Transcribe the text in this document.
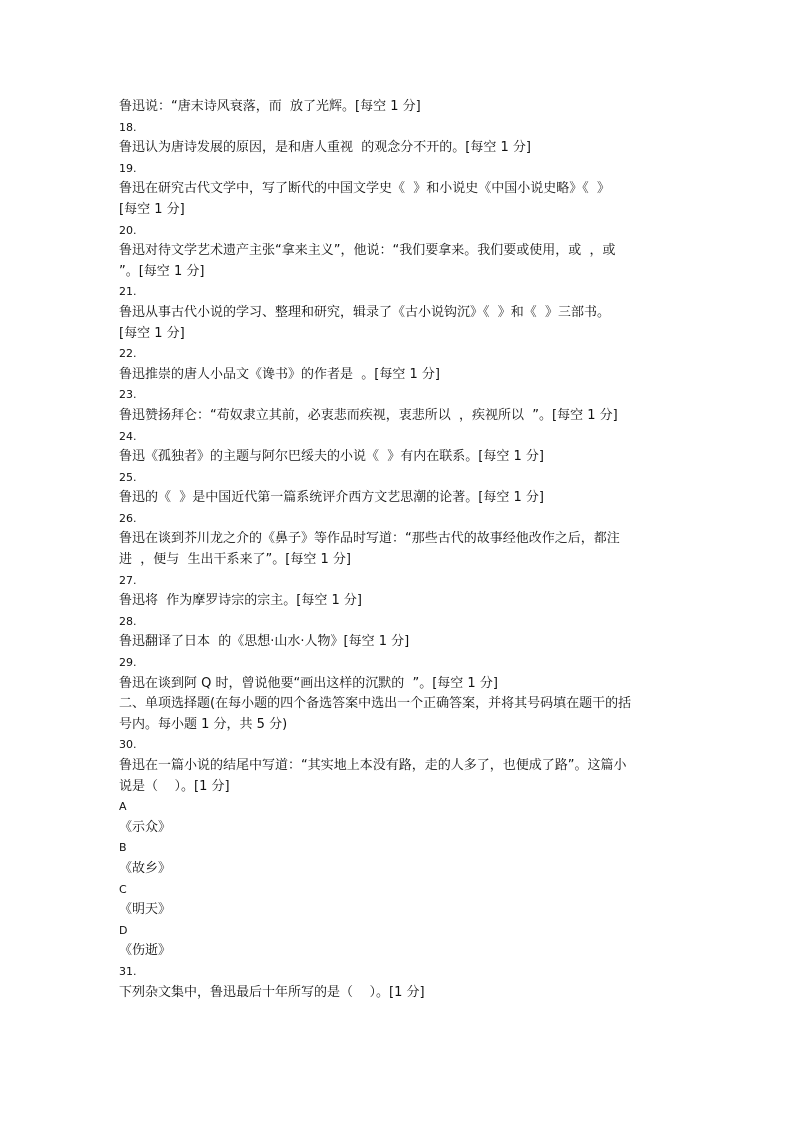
鲁迅说：“唐末诗风衰落，而  放了光辉。[每空 1 分]
18.
鲁迅认为唐诗发展的原因，是和唐人重视  的观念分不开的。[每空 1 分]
19.
鲁迅在研究古代文学中，写了断代的中国文学史《  》和小说史《中国小说史略》《  》
[每空 1 分]
20.
鲁迅对待文学艺术遗产主张“拿来主义”，他说：“我们要拿来。我们要或使用，或  ，或
”。[每空 1 分]
21.
鲁迅从事古代小说的学习、整理和研究，辑录了《古小说钩沉》《  》和《  》三部书。
[每空 1 分]
22.
鲁迅推崇的唐人小品文《谗书》的作者是  。[每空 1 分]
23.
鲁迅赞扬拜仑：“苟奴隶立其前，必衷悲而疾视，衷悲所以  ，疾视所以  ”。[每空 1 分]
24.
鲁迅《孤独者》的主题与阿尔巴绥夫的小说《  》有内在联系。[每空 1 分]
25.
鲁迅的《  》是中国近代第一篇系统评介西方文艺思潮的论著。[每空 1 分]
26.
鲁迅在谈到芥川龙之介的《鼻子》等作品时写道：“那些古代的故事经他改作之后，都注
进  ，便与  生出干系来了”。[每空 1 分]
27.
鲁迅将  作为摩罗诗宗的宗主。[每空 1 分]
28.
鲁迅翻译了日本  的《思想·山水·人物》[每空 1 分]
29.
鲁迅在谈到阿 Q 时，曾说他要“画出这样的沉默的  ”。[每空 1 分]
二、单项选择题(在每小题的四个备选答案中选出一个正确答案，并将其号码填在题干的括
号内。每小题 1 分，共 5 分)
30.
鲁迅在一篇小说的结尾中写道：“其实地上本没有路，走的人多了，也便成了路”。这篇小
说是（    ）。[1 分]
A
《示众》
B
《故乡》
C
《明天》
D
《伤逝》
31.
下列杂文集中，鲁迅最后十年所写的是（    ）。[1 分]
